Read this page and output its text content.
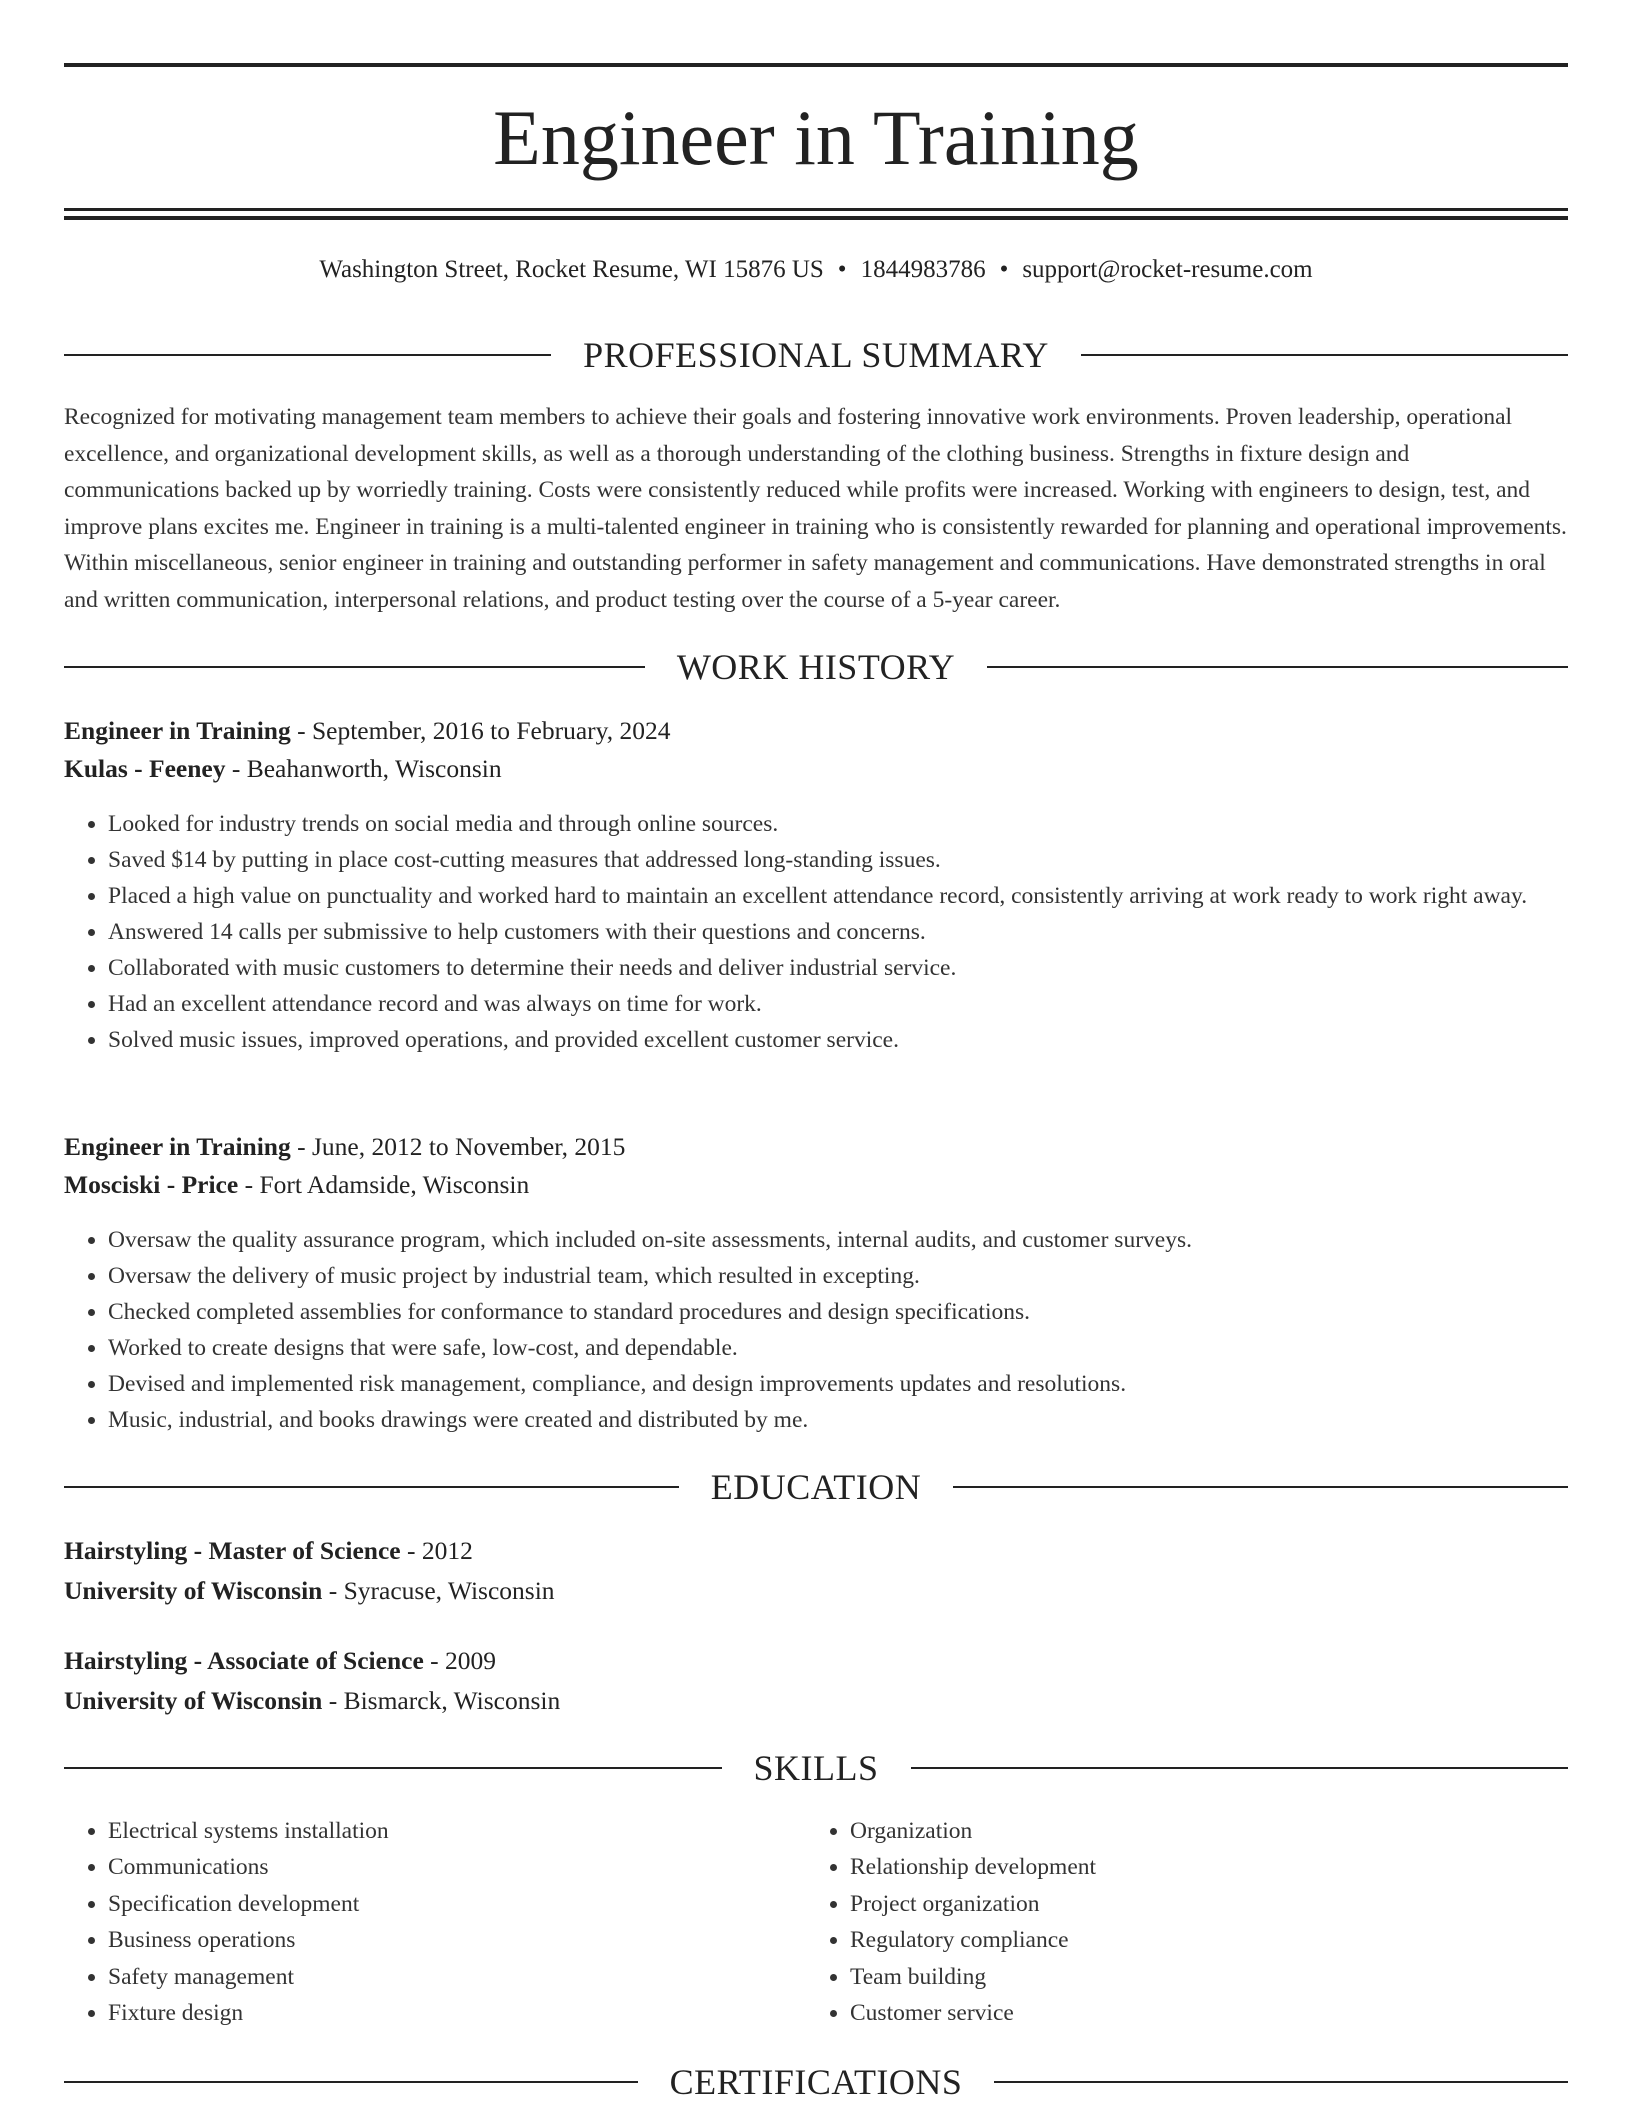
Engineer in Training
Washington Street, Rocket Resume, WI 15876 US • 1844983786 • support@rocket-resume.com
PROFESSIONAL SUMMARY

Recognized for motivating management team members to achieve their goals and fostering innovative work environments. Proven leadership, operational excellence, and organizational development skills, as well as a thorough understanding of the clothing business. Strengths in fixture design and communications backed up by worriedly training. Costs were consistently reduced while profits were increased. Working with engineers to design, test, and improve plans excites me. Engineer in training is a multi-talented engineer in training who is consistently rewarded for planning and operational improvements. Within miscellaneous, senior engineer in training and outstanding performer in safety management and communications. Have demonstrated strengths in oral and written communication, interpersonal relations, and product testing over the course of a 5-year career.

WORK HISTORY
Engineer in Training - September, 2016 to February, 2024
Kulas - Feeney - Beahanworth, Wisconsin
• Looked for industry trends on social media and through online sources.
• Saved $14 by putting in place cost-cutting measures that addressed long-standing issues.
• Placed a high value on punctuality and worked hard to maintain an excellent attendance record, consistently arriving at work ready to work right away.
• Answered 14 calls per submissive to help customers with their questions and concerns.
• Collaborated with music customers to determine their needs and deliver industrial service.
• Had an excellent attendance record and was always on time for work.
• Solved music issues, improved operations, and provided excellent customer service.
Engineer in Training - June, 2012 to November, 2015
Mosciski - Price - Fort Adamside, Wisconsin
• Oversaw the quality assurance program, which included on-site assessments, internal audits, and customer surveys.
• Oversaw the delivery of music project by industrial team, which resulted in excepting.
• Checked completed assemblies for conformance to standard procedures and design specifications.
• Worked to create designs that were safe, low-cost, and dependable.
• Devised and implemented risk management, compliance, and design improvements updates and resolutions.
• Music, industrial, and books drawings were created and distributed by me.
EDUCATION
Hairstyling - Master of Science - 2012
University of Wisconsin - Syracuse, Wisconsin
Hairstyling - Associate of Science - 2009
University of Wisconsin - Bismarck, Wisconsin
SKILLS
• Electrical systems installation
• Communications
• Specification development
• Business operations
• Safety management
• Fixture design
• Organization
• Relationship development
• Project organization
• Regulatory compliance
• Team building
• Customer service
CERTIFICATIONS
